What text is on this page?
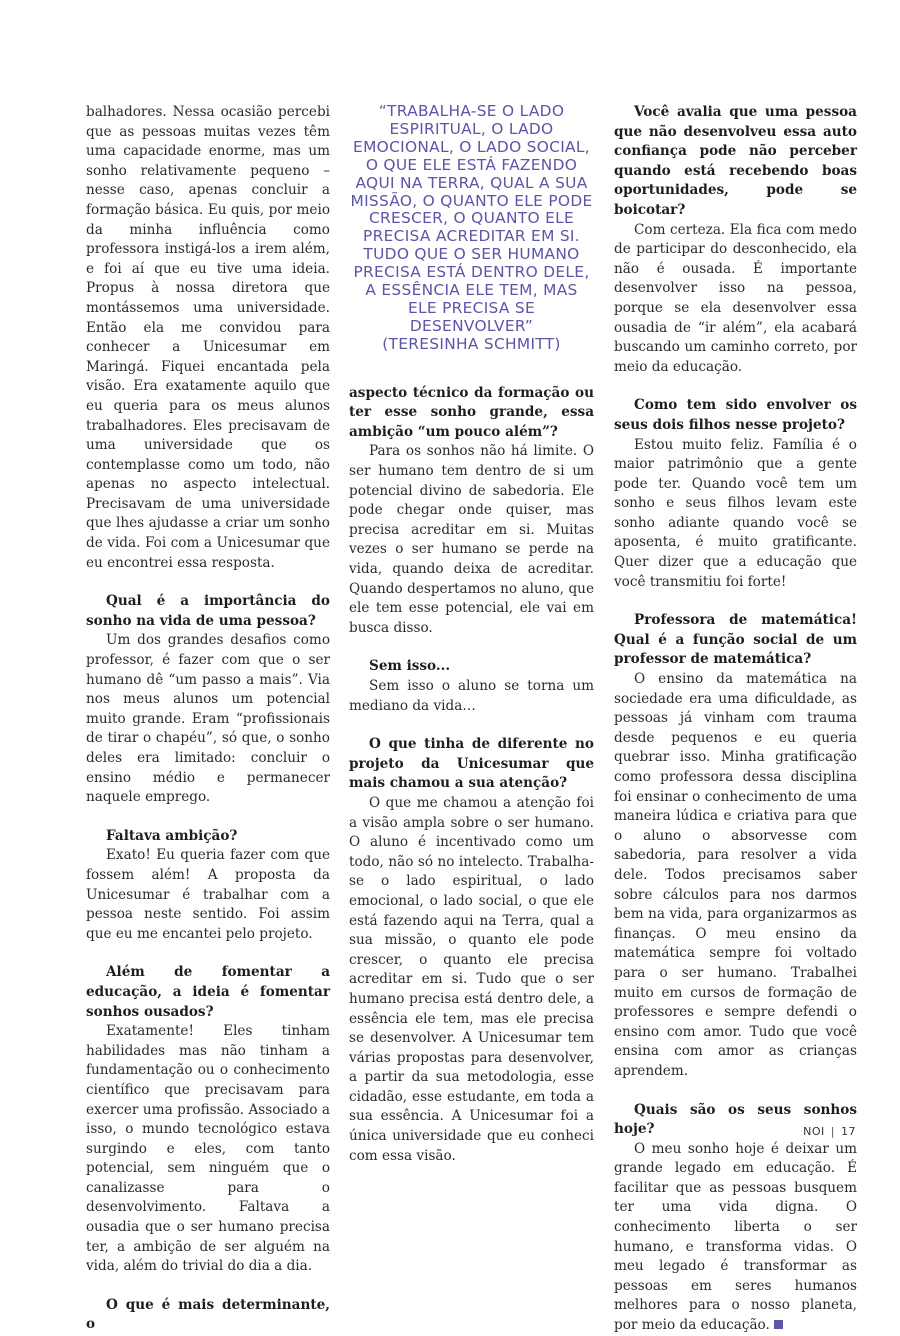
balhadores. Nessa ocasião percebi que as pessoas muitas vezes têm uma capacidade enorme, mas um sonho relativamente pequeno – nesse caso, apenas concluir a formação básica. Eu quis, por meio da minha influência como professora instigá-los a irem além, e foi aí que eu tive uma ideia. Propus à nossa diretora que montássemos uma universidade. Então ela me convidou para conhecer a Unicesumar em Maringá. Fiquei encantada pela visão. Era exatamente aquilo que eu queria para os meus alunos trabalhadores. Eles precisavam de uma universidade que os contemplasse como um todo, não apenas no aspecto intelectual. Precisavam de uma universidade que lhes ajudasse a criar um sonho de vida. Foi com a Unicesumar que eu encontrei essa resposta.

Qual é a importância do sonho na vida de uma pessoa?

Um dos grandes desafios como professor, é fazer com que o ser humano dê “um passo a mais”. Via nos meus alunos um potencial muito grande. Eram “profissionais de tirar o chapéu”, só que, o sonho deles era limitado: concluir o ensino médio e permanecer naquele emprego.

Faltava ambição?

Exato! Eu queria fazer com que fossem além! A proposta da Unicesumar é trabalhar com a pessoa neste sentido. Foi assim que eu me encantei pelo projeto.

Além de fomentar a educação, a ideia é fomentar sonhos ousados?

Exatamente! Eles tinham habilidades mas não tinham a fundamentação ou o conhecimento científico que precisavam para exercer uma profissão. Associado a isso, o mundo tecnológico estava surgindo e eles, com tanto potencial, sem ninguém que o canalizasse para o desenvolvimento. Faltava a ousadia que o ser humano precisa ter, a ambição de ser alguém na vida, além do trivial do dia a dia.

O que é mais determinante, o
“TRABALHA-SE O LADO ESPIRITUAL, O LADO EMOCIONAL, O LADO SOCIAL, O QUE ELE ESTÁ FAZENDO AQUI NA TERRA, QUAL A SUA MISSÃO, O QUANTO ELE PODE CRESCER, O QUANTO ELE PRECISA ACREDITAR EM SI. TUDO QUE O SER HUMANO PRECISA ESTÁ DENTRO DELE, A ESSÊNCIA ELE TEM, MAS ELE PRECISA SE DESENVOLVER”
(TERESINHA SCHMITT)
aspecto técnico da formação ou ter esse sonho grande, essa ambição “um pouco além”?

Para os sonhos não há limite. O ser humano tem dentro de si um potencial divino de sabedoria. Ele pode chegar onde quiser, mas precisa acreditar em si. Muitas vezes o ser humano se perde na vida, quando deixa de acreditar. Quando despertamos no aluno, que ele tem esse potencial, ele vai em busca disso.

Sem isso...

Sem isso o aluno se torna um mediano da vida…

O que tinha de diferente no projeto da Unicesumar que mais chamou a sua atenção?

O que me chamou a atenção foi a visão ampla sobre o ser humano. O aluno é incentivado como um todo, não só no intelecto. Trabalha-se o lado espiritual, o lado emocional, o lado social, o que ele está fazendo aqui na Terra, qual a sua missão, o quanto ele pode crescer, o quanto ele precisa acreditar em si. Tudo que o ser humano precisa está dentro dele, a essência ele tem, mas ele precisa se desenvolver. A Unicesumar tem várias propostas para desenvolver, a partir da sua metodologia, esse cidadão, esse estudante, em toda a sua essência. A Unicesumar foi a única universidade que eu conheci com essa visão.

Você avalia que uma pessoa que não desenvolveu essa auto confiança pode não perceber quando está recebendo boas oportunidades, pode se boicotar?

Com certeza. Ela fica com medo de participar do desconhecido, ela não é ousada. É importante desenvolver isso na pessoa, porque se ela desenvolver essa ousadia de “ir além”, ela acabará buscando um caminho correto, por meio da educação.

Como tem sido envolver os seus dois filhos nesse projeto?

Estou muito feliz. Família é o maior patrimônio que a gente pode ter. Quando você tem um sonho e seus filhos levam este sonho adiante quando você se aposenta, é muito gratificante. Quer dizer que a educação que você transmitiu foi forte!

Professora de matemática! Qual é a função social de um professor de matemática?

O ensino da matemática na sociedade era uma dificuldade, as pessoas já vinham com trauma desde pequenos e eu queria quebrar isso. Minha gratificação como professora dessa disciplina foi ensinar o conhecimento de uma maneira lúdica e criativa para que o aluno o absorvesse com sabedoria, para resolver a vida dele. Todos precisamos saber sobre cálculos para nos darmos bem na vida, para organizarmos as finanças. O meu ensino da matemática sempre foi voltado para o ser humano. Trabalhei muito em cursos de formação de professores e sempre defendi o ensino com amor. Tudo que você ensina com amor as crianças aprendem.

Quais são os seus sonhos hoje?

O meu sonho hoje é deixar um grande legado em educação. É facilitar que as pessoas busquem ter uma vida digna. O conhecimento liberta o ser humano, e transforma vidas. O meu legado é transformar as pessoas em seres humanos melhores para o nosso planeta, por meio da educação.

NOI | 17
